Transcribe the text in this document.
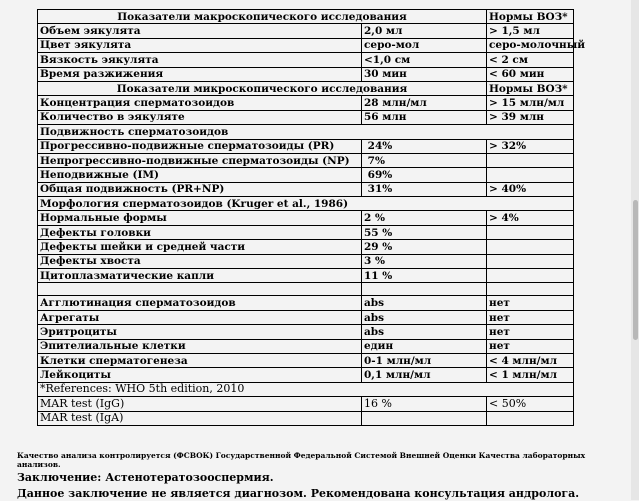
Показатели макроскопического исследования		Нормы ВОЗ*
Объем эякулята	2,0 мл	> 1,5 мл
Цвет эякулята	серо-мол	серо-молочный
Вязкость эякулята	<1,0 см	< 2 см
Время разжижения	30 мин	< 60 мин
Показатели микроскопического исследования		Нормы ВОЗ*
Концентрация сперматозоидов	28 млн/мл	> 15 млн/мл
Количество в эякуляте	56 млн	> 39 млн
Подвижность сперматозоидов		
Прогрессивно-подвижные сперматозоиды (PR)	24%	> 32%
Непрогрессивно-подвижные сперматозоиды (NP)	7%	
Неподвижные (IM)	69%	
Общая подвижность (PR+NP)	31%	> 40%
Морфология сперматозоидов (Kruger et al., 1986)		
Нормальные формы	2 %	> 4%
Дефекты головки	55 %	
Дефекты шейки и средней части	29 %	
Дефекты хвоста	3 %	
Цитоплазматические капли	11 %	

Агглютинация сперматозоидов	abs	нет
Агрегаты	abs	нет
Эритроциты	abs	нет
Эпителиальные клетки	един	нет
Клетки сперматогенеза	0-1 млн/мл	< 4 млн/мл
Лейкоциты	0,1 млн/мл	< 1 млн/мл
*References: WHO 5th edition, 2010		
MAR test (IgG)	16 %	< 50%
MAR test (IgA)		
Качество анализа контролируется (ФСВОК) Государственной Федеральной Системой Внешней Оценки Качества лабораторных анализов.
Заключение: Астенотератозооспермия.
Данное заключение не является диагнозом. Рекомендована консультация андролога.
